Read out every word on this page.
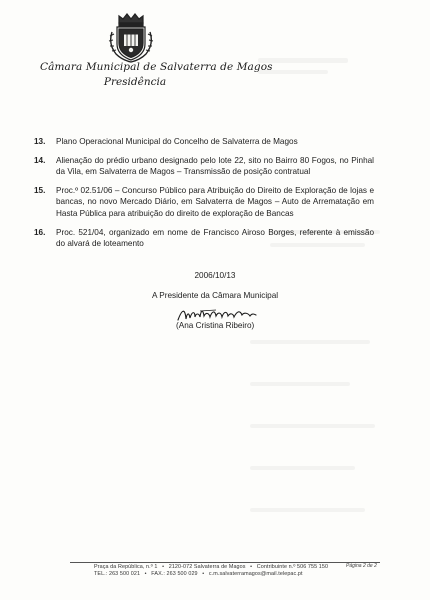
Câmara Municipal de Salvaterra de Magos
Presidência
13. Plano Operacional Municipal do Concelho de Salvaterra de Magos
14. Alienação do prédio urbano designado pelo lote 22, sito no Bairro 80 Fogos, no Pinhal da Vila, em Salvaterra de Magos – Transmissão de posição contratual
15. Proc.º 02.51/06 – Concurso Público para Atribuição do Direito de Exploração de lojas e bancas, no novo Mercado Diário, em Salvaterra de Magos – Auto de Arrematação em Hasta Pública para atribuição do direito de exploração de Bancas
16. Proc. 521/04, organizado em nome de Francisco Airoso Borges, referente à emissão do alvará de loteamento
2006/10/13
A Presidente da Câmara Municipal
(Ana Cristina Ribeiro)
Praça da República, n.º 1 • 2120-072 Salvaterra de Magos • Contribuinte n.º 506 755 150
TEL.: 263 500 021 • FAX.: 263 500 029 • c.m.salvaterramagos@mail.telepac.pt
Página 2 de 2
